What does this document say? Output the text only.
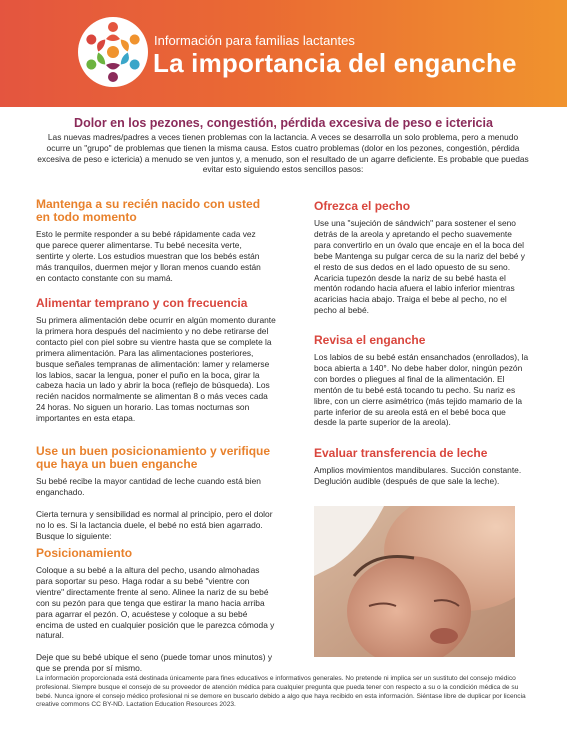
Información para familias lactantes
La importancia del enganche
Dolor en los pezones, congestión, pérdida excesiva de peso e ictericia
Las nuevas madres/padres a veces tienen problemas con la lactancia. A veces se desarrolla un solo problema, pero a menudo ocurre un "grupo" de problemas que tienen la misma causa. Estos cuatro problemas (dolor en los pezones, congestión, pérdida excesiva de peso e ictericia) a menudo se ven juntos y, a menudo, son el resultado de un agarre deficiente. Es probable que puedas evitar esto siguiendo estos sencillos pasos:
Mantenga a su recién nacido con usted en todo momento

Esto le permite responder a su bebé rápidamente cada vez que parece querer alimentarse. Tu bebé necesita verte, sentirte y olerte. Los estudios muestran que los bebés están más tranquilos, duermen mejor y lloran menos cuando están en contacto constante con su mamá.

Alimentar temprano y con frecuencia

Su primera alimentación debe ocurrir en algún momento durante la primera hora después del nacimiento y no debe retirarse del contacto piel con piel sobre su vientre hasta que se complete la primera alimentación. Para las alimentaciones posteriores, busque señales tempranas de alimentación: lamer y relamerse los labios, sacar la lengua, poner el puño en la boca, girar la cabeza hacia un lado y abrir la boca (reflejo de búsqueda). Los recién nacidos normalmente se alimentan 8 o más veces cada 24 horas. No siguen un horario. Las tomas nocturnas son importantes en esta etapa.

Use un buen posicionamiento y verifique que haya un buen enganche

Su bebé recibe la mayor cantidad de leche cuando está bien enganchado.

Cierta ternura y sensibilidad es normal al principio, pero el dolor no lo es. Si la lactancia duele, el bebé no está bien agarrado. Busque lo siguiente:

Posicionamiento

Coloque a su bebé a la altura del pecho, usando almohadas para soportar su peso. Haga rodar a su bebé "vientre con vientre" directamente frente al seno. Alinee la nariz de su bebé con su pezón para que tenga que estirar la mano hacia arriba para agarrar el pezón. O, acuéstese y coloque a su bebé encima de usted en cualquier posición que le parezca cómoda y natural.

Deje que su bebé ubique el seno (puede tomar unos minutos) y que se prenda por sí mismo.

Ofrezca el pecho

Use una "sujeción de sándwich" para sostener el seno detrás de la areola y apretando el pecho suavemente para convertirlo en un óvalo que encaje en el la boca del bebe Mantenga su pulgar cerca de su la nariz del bebé y el resto de sus dedos en el lado opuesto de su seno. Acaricia tupezón desde la nariz de su bebé hasta el mentón rodando hacia afuera el labio inferior mientras acaricias hacia abajo. Traiga el bebe al pecho, no el pecho al bebé.

Revisa el enganche

Los labios de su bebé están ensanchados (enrollados), la boca abierta a 140°. No debe haber dolor, ningún pezón con bordes o pliegues al final de la alimentación. El mentón de tu bebé está tocando tu pecho. Su nariz es libre, con un cierre asimétrico (más tejido mamario de la parte inferior de su areola está en el bebé boca que desde la parte superior de la areola).

Evaluar transferencia de leche

Amplios movimientos mandibulares. Succión constante. Deglución audible (después de que sale la leche).

La información proporcionada está destinada únicamente para fines educativos e informativos generales. No pretende ni implica ser un sustituto del consejo médico profesional. Siempre busque el consejo de su proveedor de atención médica para cualquier pregunta que pueda tener con respecto a su o la condición médica de su bebé. Nunca ignore el consejo médico profesional ni se demore en buscarlo debido a algo que haya recibido en esta información. Siéntase libre de duplicar por licencia creative commons CC BY-ND. Lactation Education Resources 2023.
